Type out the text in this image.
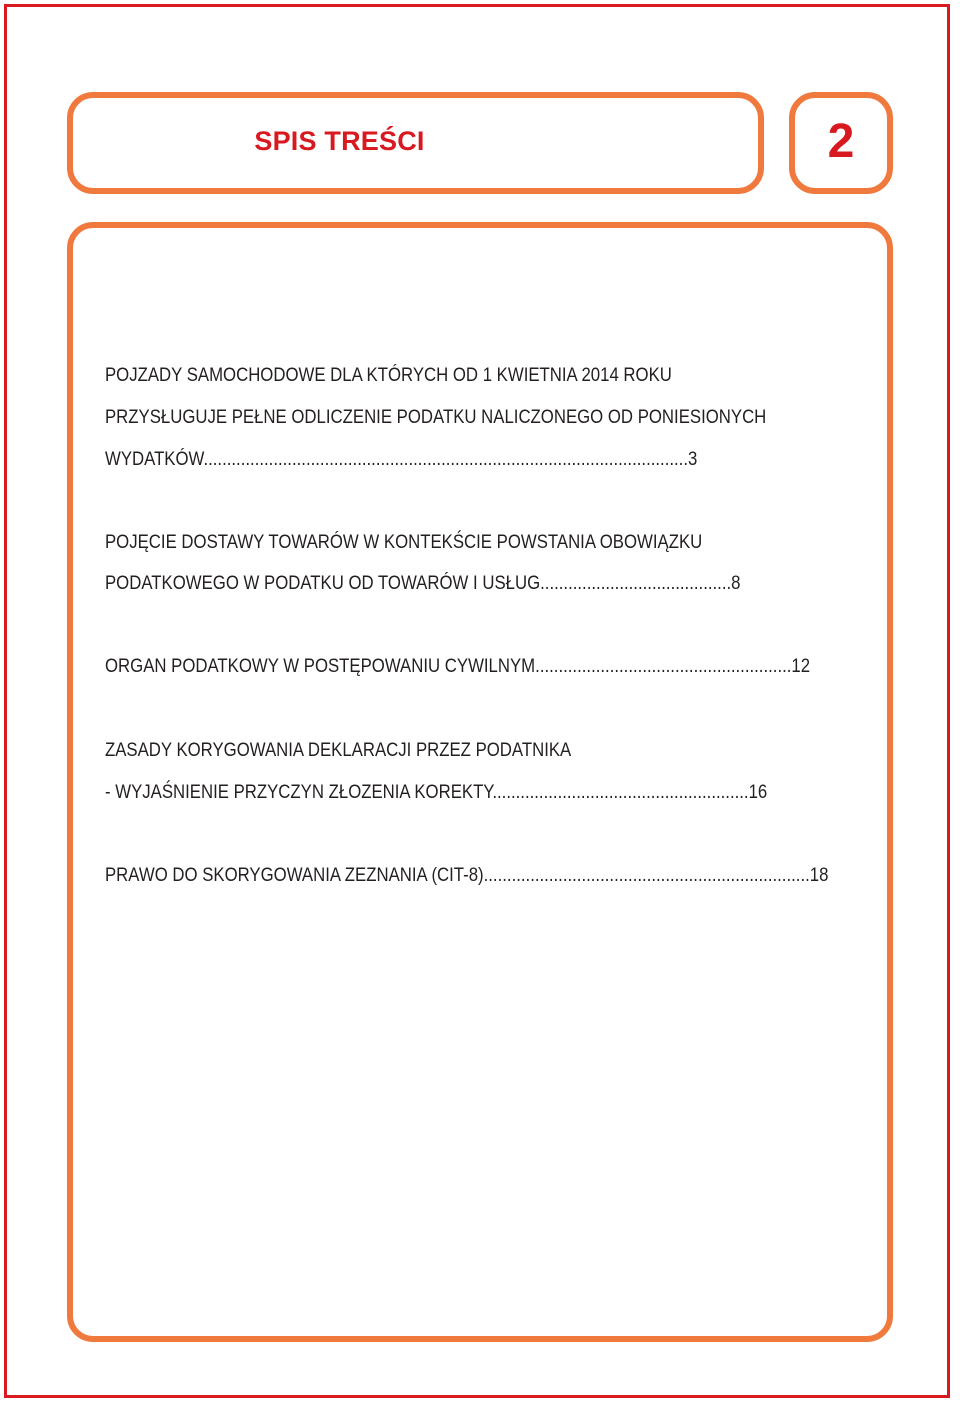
SPIS TREŚCI	2
POJZADY SAMOCHODOWE DLA KTÓRYCH OD 1 KWIETNIA 2014 ROKU
PRZYSŁUGUJE PEŁNE ODLICZENIE PODATKU NALICZONEGO OD PONIESIONYCH
WYDATKÓW........................................................................................................3
POJĘCIE DOSTAWY TOWARÓW W KONTEKŚCIE POWSTANIA OBOWIĄZKU
PODATKOWEGO W PODATKU OD TOWARÓW I USŁUG.........................................8
ORGAN PODATKOWY W POSTĘPOWANIU CYWILNYM.......................................................12
ZASADY KORYGOWANIA DEKLARACJI PRZEZ PODATNIKA
- WYJAŚNIENIE PRZYCZYN ZŁOZENIA KOREKTY.......................................................16
PRAWO DO SKORYGOWANIA ZEZNANIA (CIT-8)......................................................................18
